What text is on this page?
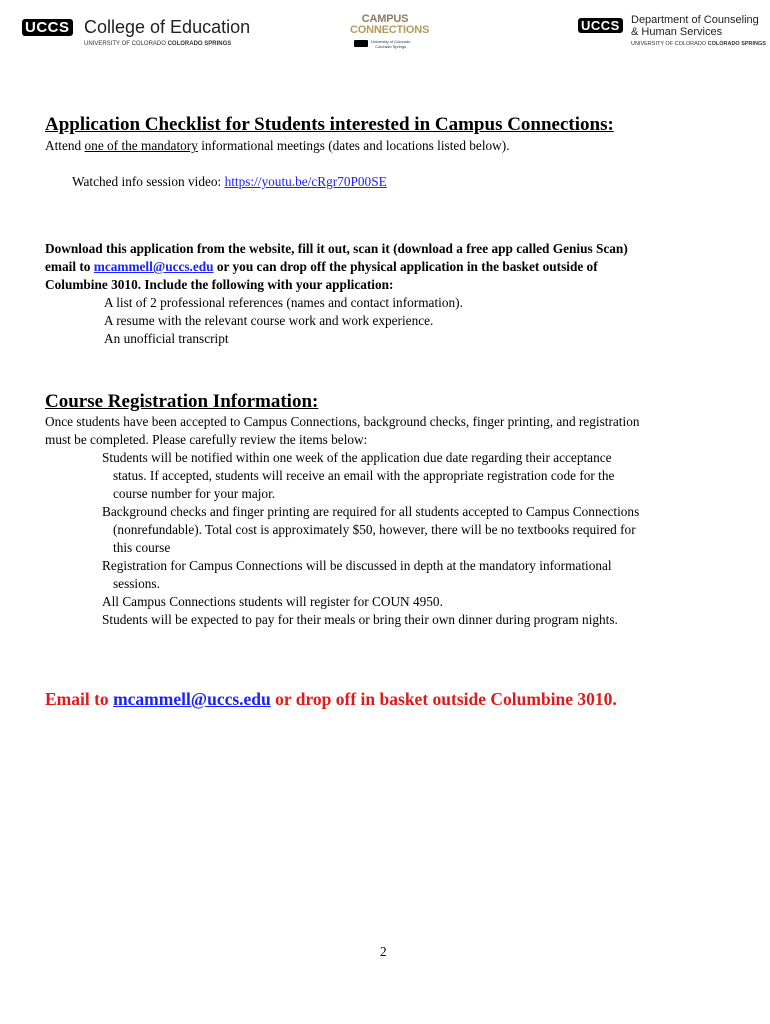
UCCS College of Education
UNIVERSITY OF COLORADO COLORADO SPRINGS
CAMPUS
CONNECTIONS
University of Colorado
Colorado Springs
UCCS Department of Counseling
& Human Services
UNIVERSITY OF COLORADO COLORADO SPRINGS
Application Checklist for Students interested in Campus Connections:
Attend one of the mandatory informational meetings (dates and locations listed below).
Watched info session video: https://youtu.be/cRgr70P00SE
Download this application from the website, fill it out, scan it (download a free app called Genius Scan)
email to mcammell@uccs.edu or you can drop off the physical application in the basket outside of
Columbine 3010. Include the following with your application:
A list of 2 professional references (names and contact information).
A resume with the relevant course work and work experience.
An unofficial transcript
Course Registration Information:
Once students have been accepted to Campus Connections, background checks, finger printing, and registration
must be completed. Please carefully review the items below:
Students will be notified within one week of the application due date regarding their acceptance
status. If accepted, students will receive an email with the appropriate registration code for the
course number for your major.
Background checks and finger printing are required for all students accepted to Campus Connections
(nonrefundable). Total cost is approximately $50, however, there will be no textbooks required for
this course
Registration for Campus Connections will be discussed in depth at the mandatory informational
sessions.
All Campus Connections students will register for COUN 4950.
Students will be expected to pay for their meals or bring their own dinner during program nights.
Email to mcammell@uccs.edu or drop off in basket outside Columbine 3010.
2
